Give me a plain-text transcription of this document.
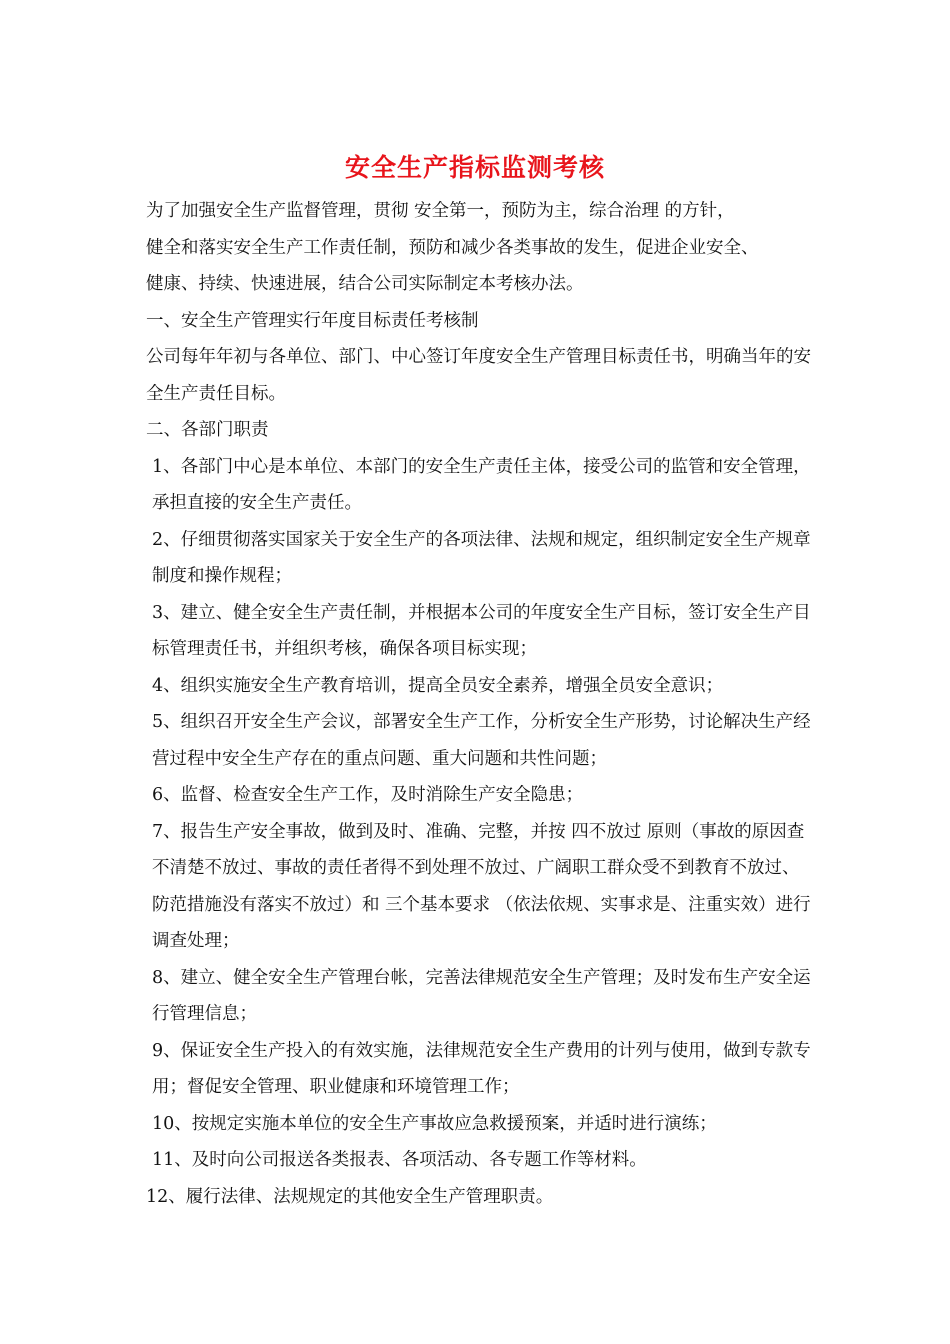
安全生产指标监测考核

为了加强安全生产监督管理，贯彻 安全第一，预防为主，综合治理 的方针，
健全和落实安全生产工作责任制，预防和减少各类事故的发生，促进企业安全、
健康、持续、快速进展，结合公司实际制定本考核办法。

一、安全生产管理实行年度目标责任考核制

公司每年年初与各单位、部门、中心签订年度安全生产管理目标责任书，明确当年的安全生产责任目标。

二、各部门职责

1、各部门中心是本单位、本部门的安全生产责任主体，接受公司的监管和安全管理，承担直接的安全生产责任。

2、仔细贯彻落实国家关于安全生产的各项法律、法规和规定，组织制定安全生产规章制度和操作规程；

3、建立、健全安全生产责任制，并根据本公司的年度安全生产目标，签订安全生产目标管理责任书，并组织考核，确保各项目标实现；

4、组织实施安全生产教育培训，提高全员安全素养，增强全员安全意识；

5、组织召开安全生产会议，部署安全生产工作，分析安全生产形势，讨论解决生产经营过程中安全生产存在的重点问题、重大问题和共性问题；

6、监督、检查安全生产工作，及时消除生产安全隐患；

7、报告生产安全事故，做到及时、准确、完整，并按 四不放过 原则（事故的原因查不清楚不放过、事故的责任者得不到处理不放过、广阔职工群众受不到教育不放过、防范措施没有落实不放过）和 三个基本要求 （依法依规、实事求是、注重实效）进行调查处理；

8、建立、健全安全生产管理台帐，完善法律规范安全生产管理；及时发布生产安全运行管理信息；

9、保证安全生产投入的有效实施，法律规范安全生产费用的计列与使用，做到专款专用；督促安全管理、职业健康和环境管理工作；

10、按规定实施本单位的安全生产事故应急救援预案，并适时进行演练；

11、及时向公司报送各类报表、各项活动、各专题工作等材料。

12、履行法律、法规规定的其他安全生产管理职责。
